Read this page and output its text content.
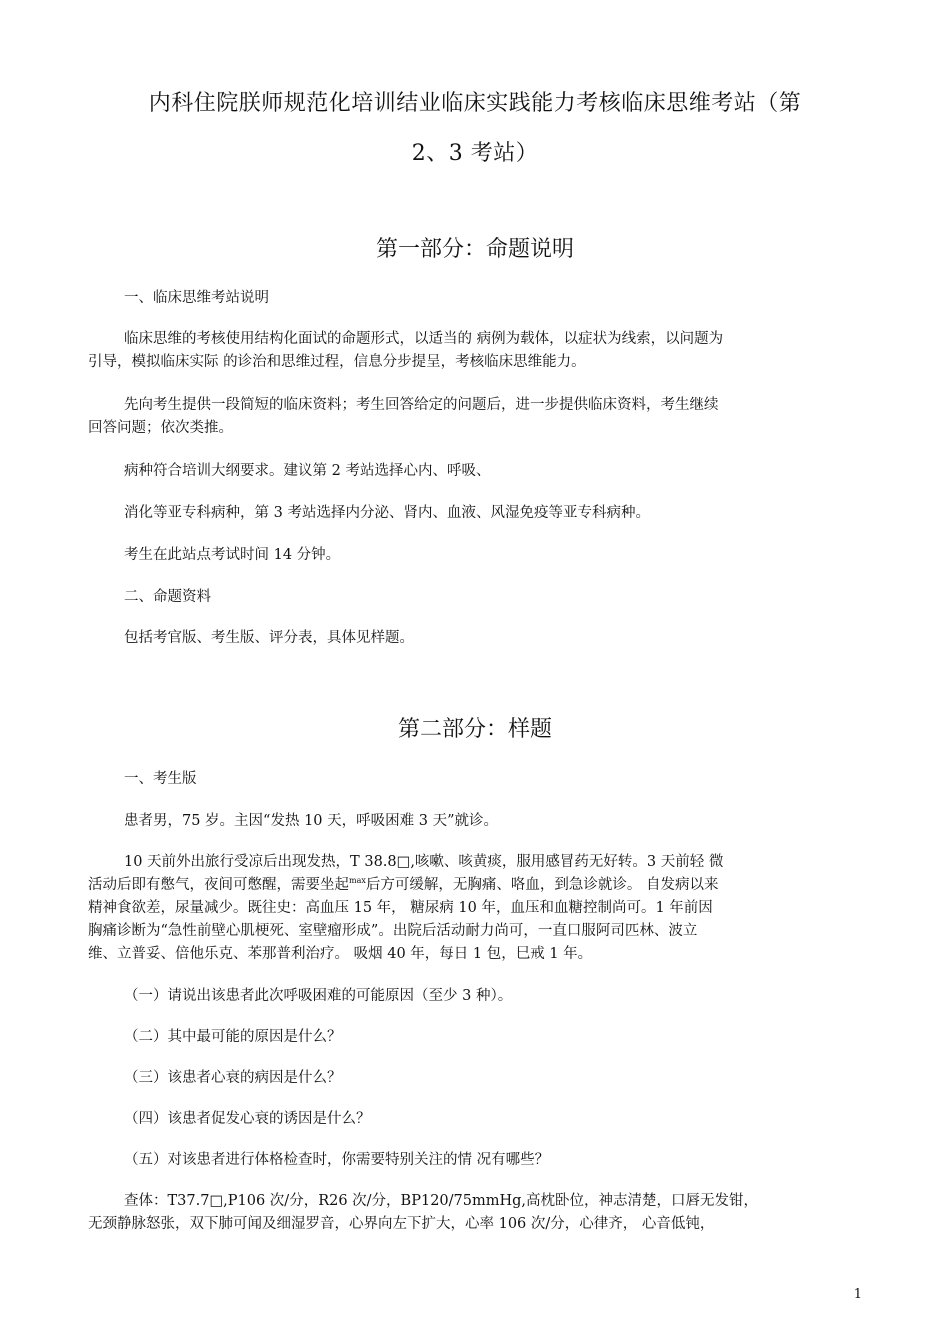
内科住院朕师规范化培训结业临床实践能力考核临床思维考站（第
2、3 考站）
第一部分：命题说明
一、临床思维考站说明
临床思维的考核使用结构化面试的命题形式，以适当的 病例为载体，以症状为线索，以问题为
引导，模拟临床实际 的诊治和思维过程，信息分步提呈，考核临床思维能力。
先向考生提供一段简短的临床资料；考生回答给定的问题后，进一步提供临床资料，考生继续
回答问题；依次类推。
病种符合培训大纲要求。建议第 2 考站选择心内、呼吸、
消化等亚专科病种，第 3 考站选择内分泌、肾内、血液、风湿免疫等亚专科病种。
考生在此站点考试时间 14 分钟。
二、命题资料
包括考官版、考生版、评分表，具体见样题。
第二部分：样题
一、考生版
患者男，75 岁。主因“发热 10 天，呼吸困难 3 天”就诊。
10 天前外出旅行受凉后出现发热，T 38.8□,咳嗽、咳黄痰，服用感冒药无好转。3 天前轻 微
活动后即有憋气，夜间可憋醒，需要坐起$^{max}$后方可缓解，无胸痛、咯血，到急诊就诊。 自发病以来
精神食欲差，尿量减少。既往史：高血压 15 年， 糖尿病 10 年，血压和血糖控制尚可。1 年前因
胸痛诊断为“急性前壁心肌梗死、室壁瘤形成”。出院后活动耐力尚可，一直口服阿司匹林、波立
维、立普妥、倍他乐克、苯那普利治疗。 吸烟 40 年，每日 1 包，巳戒 1 年。
（一）请说出该患者此次呼吸困难的可能原因（至少 3 种）。
（二）其中最可能的原因是什么？
（三）该患者心衰的病因是什么？
（四）该患者促发心衰的诱因是什么？
（五）对该患者进行体格检查时，你需要特别关注的情 况有哪些？
查体：T37.7□,P106 次/分，R26 次/分，BP120/75mmHg,高枕卧位，神志清楚，口唇无发钳，
无颈静脉怒张，双下肺可闻及细湿罗音，心界向左下扩大，心率 106 次/分，心律齐， 心音低钝，
1
